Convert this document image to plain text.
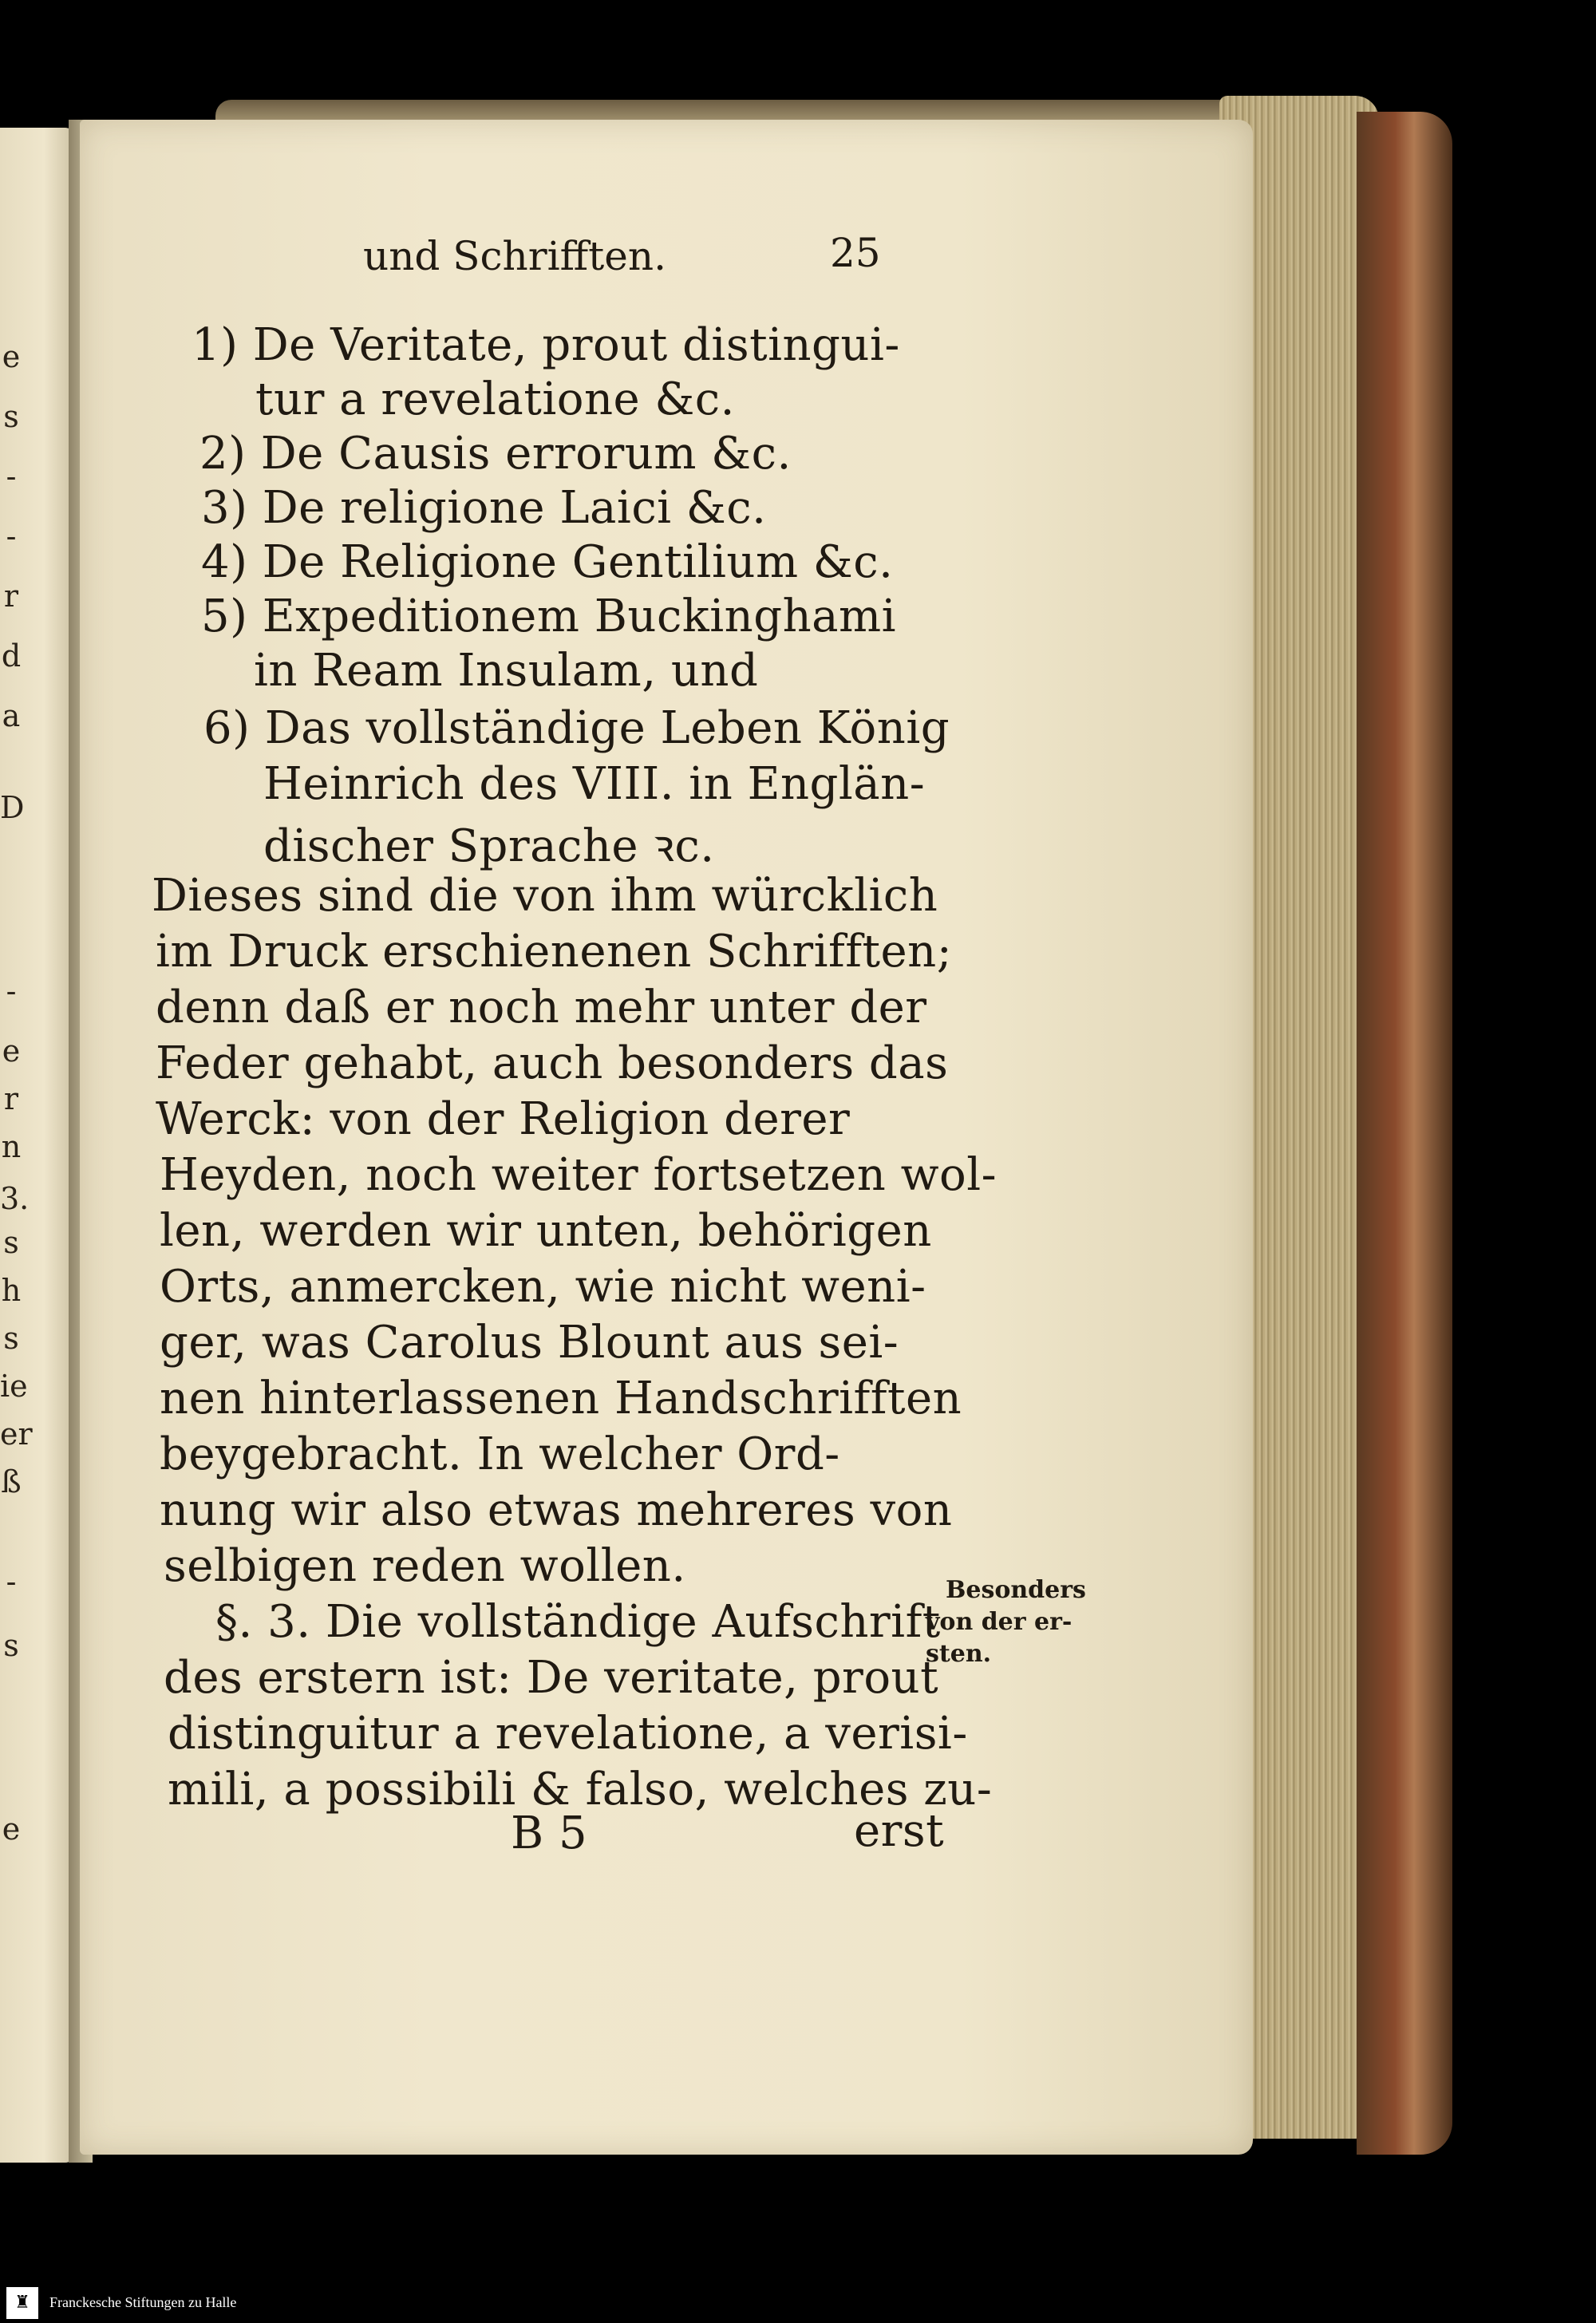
e
s
-
-
r
d
a
D
-
e
r
n
3.
s
h
s
ie
er
ß
-
s
e
und Schrifften.	25
1) De Veritate, prout distingui-
tur a revelatione &c.
2) De Causis errorum &c.
3) De religione Laici &c.
4) De Religione Gentilium &c.
5) Expeditionem Buckinghami
in Ream Insulam, und
6) Das vollständige Leben König
Heinrich des VIII. in Englän-
discher Sprache ꝛc.
Dieses sind die von ihm würcklich
im Druck erschienenen Schrifften;
denn daß er noch mehr unter der
Feder gehabt, auch besonders das
Werck: von der Religion derer
Heyden, noch weiter fortsetzen wol-
len, werden wir unten, behörigen
Orts, anmercken, wie nicht weni-
ger, was Carolus Blount aus sei-
nen hinterlassenen Handschrifften
beygebracht. In welcher Ord-
nung wir also etwas mehreres von
selbigen reden wollen.
§. 3. Die vollständige Aufschrift
des erstern ist: De veritate, prout
distinguitur a revelatione, a verisi-
mili, a possibili & falso, welches zu-
B 5	erst
Besonders
von der er-
sten.
♜	Franckesche Stiftungen zu Halle
